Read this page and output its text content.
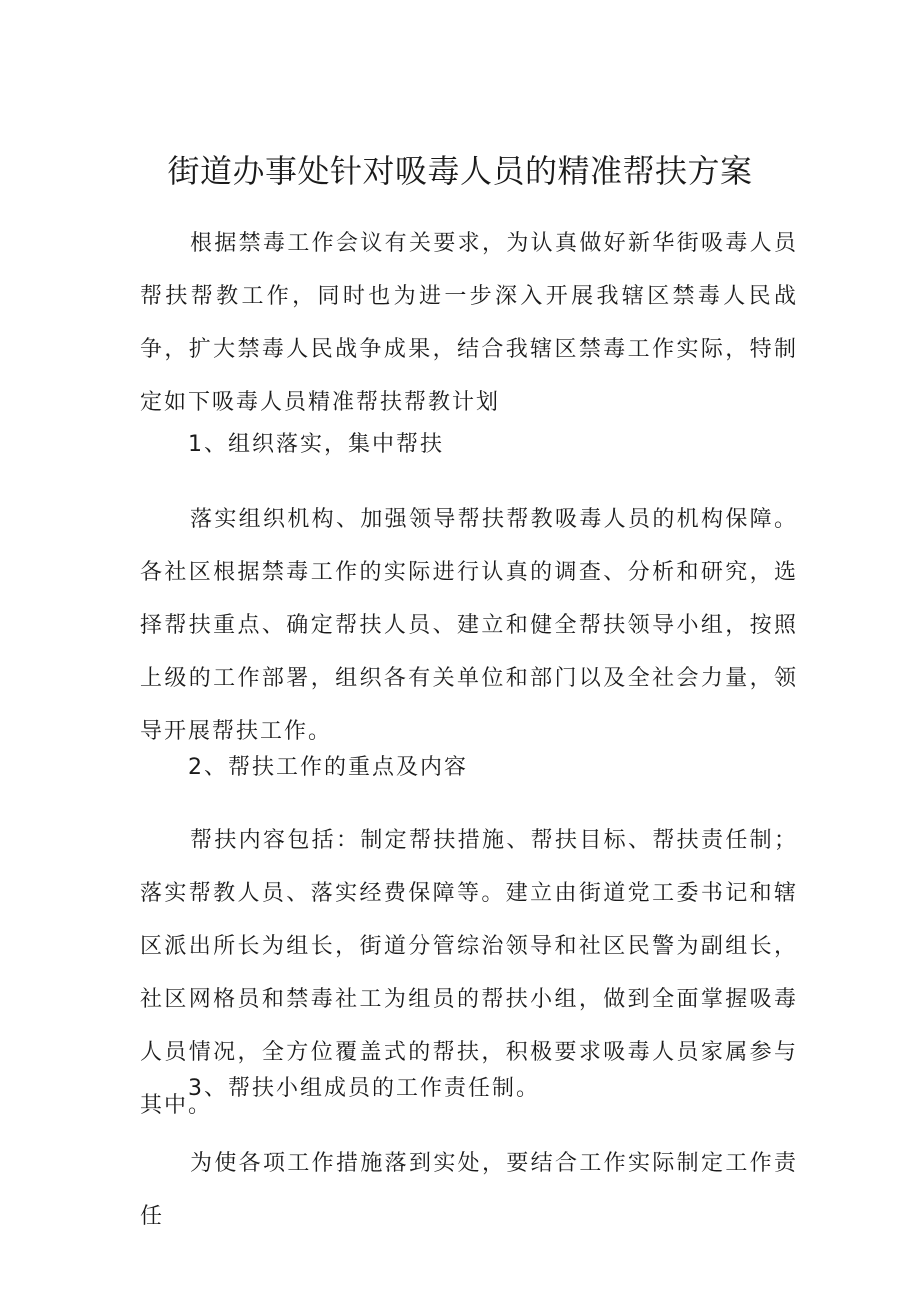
街道办事处针对吸毒人员的精准帮扶方案

根据禁毒工作会议有关要求，为认真做好新华街吸毒人员帮扶帮教工作，同时也为进一步深入开展我辖区禁毒人民战争，扩大禁毒人民战争成果，结合我辖区禁毒工作实际，特制定如下吸毒人员精准帮扶帮教计划

1、组织落实，集中帮扶

落实组织机构、加强领导帮扶帮教吸毒人员的机构保障。各社区根据禁毒工作的实际进行认真的调查、分析和研究，选择帮扶重点、确定帮扶人员、建立和健全帮扶领导小组，按照上级的工作部署，组织各有关单位和部门以及全社会力量，领导开展帮扶工作。

2、帮扶工作的重点及内容

帮扶内容包括：制定帮扶措施、帮扶目标、帮扶责任制；落实帮教人员、落实经费保障等。建立由街道党工委书记和辖区派出所长为组长，街道分管综治领导和社区民警为副组长，社区网格员和禁毒社工为组员的帮扶小组，做到全面掌握吸毒人员情况，全方位覆盖式的帮扶，积极要求吸毒人员家属参与其中。

3、帮扶小组成员的工作责任制。

为使各项工作措施落到实处，要结合工作实际制定工作责任
